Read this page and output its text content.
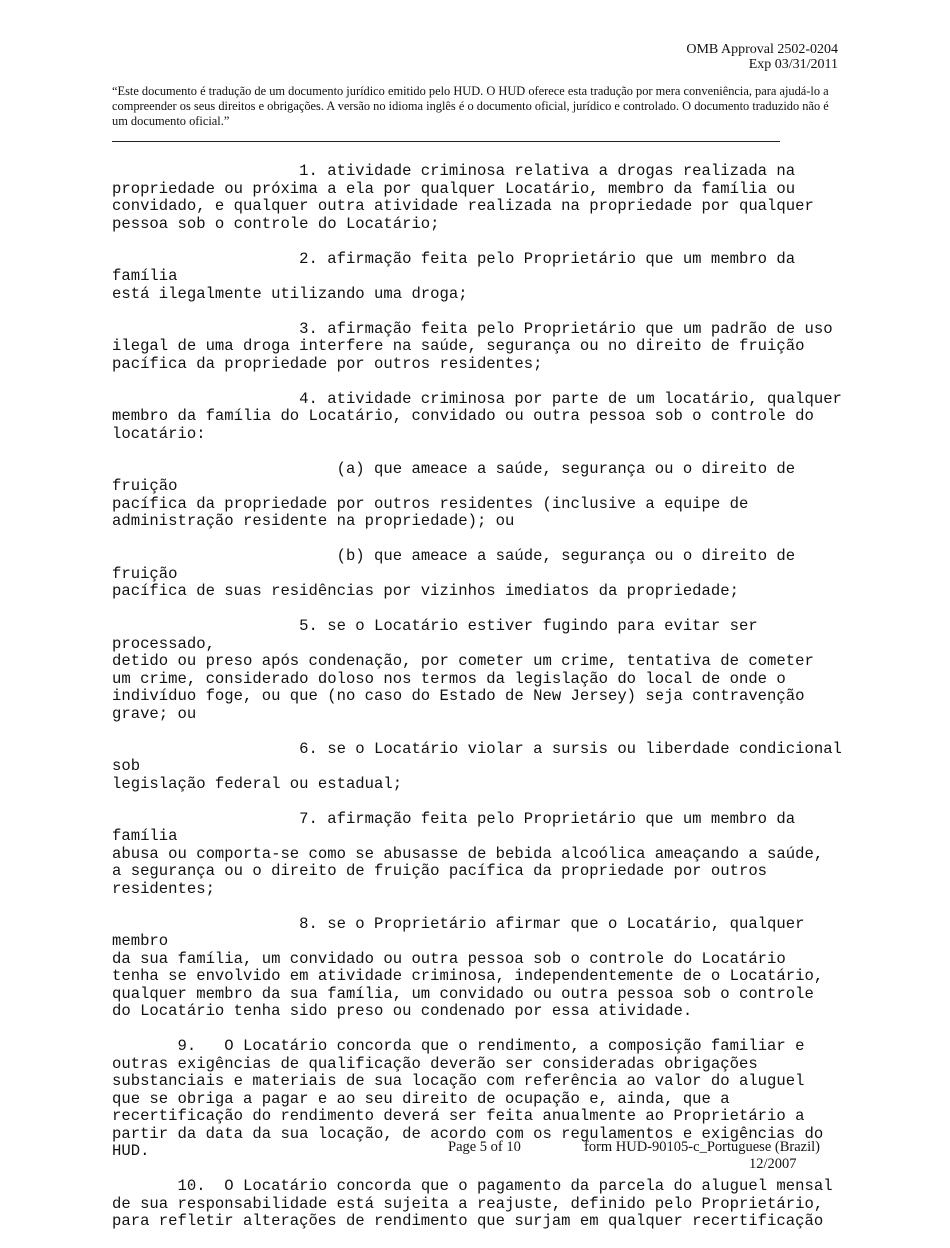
OMB Approval 2502-0204
Exp 03/31/2011
“Este documento é tradução de um documento jurídico emitido pelo HUD. O HUD oferece esta tradução por mera conveniência, para ajudá-lo a compreender os seus direitos e obrigações. A versão no idioma inglês é o documento oficial, jurídico e controlado. O documento traduzido não é um documento oficial.”

1. atividade criminosa relativa a drogas realizada na
propriedade ou próxima a ela por qualquer Locatário, membro da família ou
convidado, e qualquer outra atividade realizada na propriedade por qualquer
pessoa sob o controle do Locatário;

2. afirmação feita pelo Proprietário que um membro da família
está ilegalmente utilizando uma droga;

3. afirmação feita pelo Proprietário que um padrão de uso
ilegal de uma droga interfere na saúde, segurança ou no direito de fruição
pacífica da propriedade por outros residentes;

4. atividade criminosa por parte de um locatário, qualquer
membro da família do Locatário, convidado ou outra pessoa sob o controle do
locatário:

(a) que ameace a saúde, segurança ou o direito de fruição
pacífica da propriedade por outros residentes (inclusive a equipe de
administração residente na propriedade); ou

(b) que ameace a saúde, segurança ou o direito de fruição
pacífica de suas residências por vizinhos imediatos da propriedade;

5. se o Locatário estiver fugindo para evitar ser processado,
detido ou preso após condenação, por cometer um crime, tentativa de cometer
um crime, considerado doloso nos termos da legislação do local de onde o
indivíduo foge, ou que (no caso do Estado de New Jersey) seja contravenção
grave; ou

6. se o Locatário violar a sursis ou liberdade condicional sob
legislação federal ou estadual;

7. afirmação feita pelo Proprietário que um membro da família
abusa ou comporta-se como se abusasse de bebida alcoólica ameaçando a saúde,
a segurança ou o direito de fruição pacífica da propriedade por outros
residentes;

8. se o Proprietário afirmar que o Locatário, qualquer membro
da sua família, um convidado ou outra pessoa sob o controle do Locatário
tenha se envolvido em atividade criminosa, independentemente de o Locatário,
qualquer membro da sua família, um convidado ou outra pessoa sob o controle
do Locatário tenha sido preso ou condenado por essa atividade.

9.   O Locatário concorda que o rendimento, a composição familiar e
outras exigências de qualificação deverão ser consideradas obrigações
substanciais e materiais de sua locação com referência ao valor do aluguel
que se obriga a pagar e ao seu direito de ocupação e, ainda, que a
recertificação do rendimento deverá ser feita anualmente ao Proprietário a
partir da data da sua locação, de acordo com os regulamentos e exigências do
HUD.

10.  O Locatário concorda que o pagamento da parcela do aluguel mensal
de sua responsabilidade está sujeita a reajuste, definido pelo Proprietário,
para refletir alterações de rendimento que surjam em qualquer recertificação

Page 5 of 10	form HUD-90105-c_Portuguese (Brazil)
12/2007
